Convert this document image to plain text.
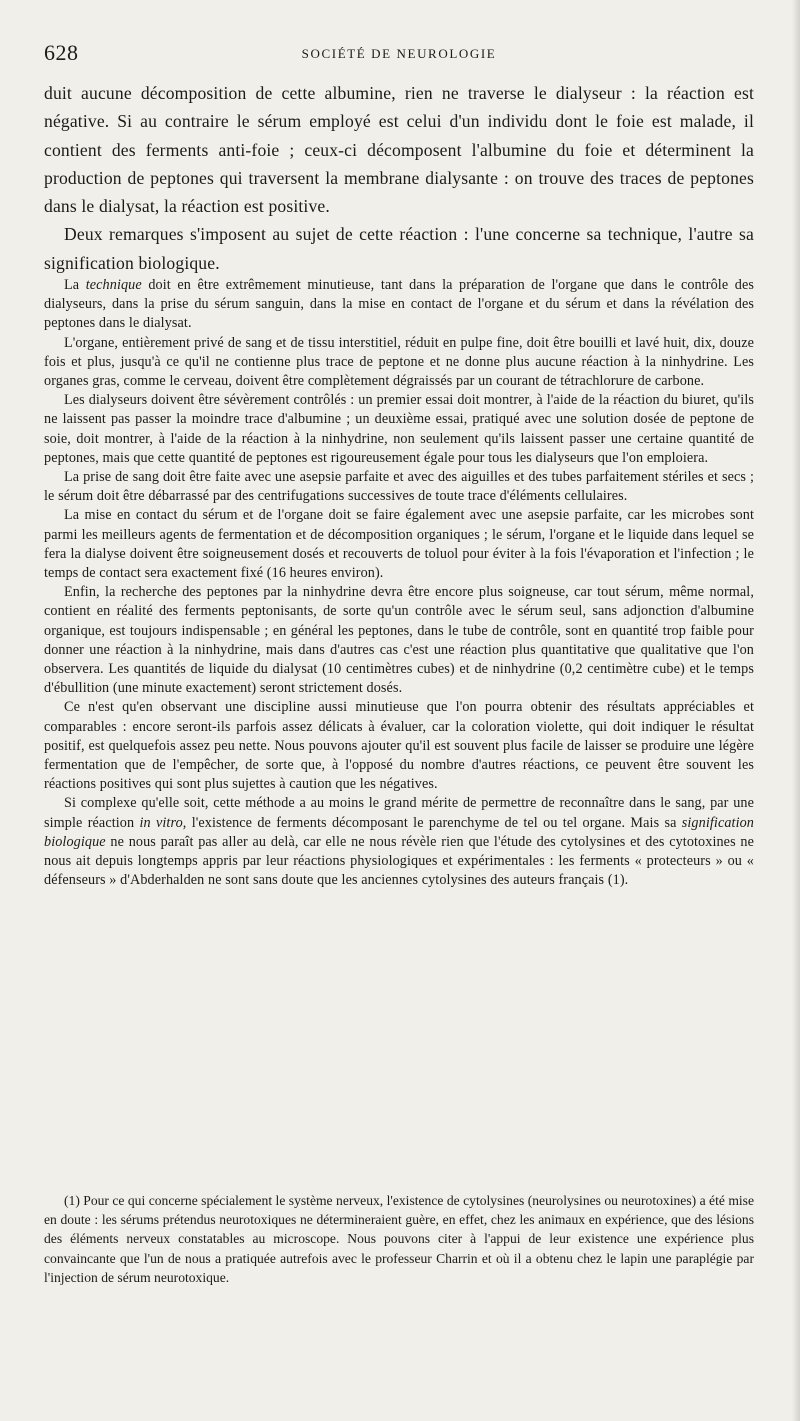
628	SOCIÉTÉ DE NEUROLOGIE

duit aucune décomposition de cette albumine, rien ne traverse le dialyseur : la réaction est négative. Si au contraire le sérum employé est celui d'un individu dont le foie est malade, il contient des ferments anti-foie ; ceux-ci décomposent l'albumine du foie et déterminent la production de peptones qui traversent la membrane dialysante : on trouve des traces de peptones dans le dialysat, la réaction est positive.

Deux remarques s'imposent au sujet de cette réaction : l'une concerne sa technique, l'autre sa signification biologique.

La technique doit en être extrêmement minutieuse, tant dans la préparation de l'organe que dans le contrôle des dialyseurs, dans la prise du sérum sanguin, dans la mise en contact de l'organe et du sérum et dans la révélation des peptones dans le dialysat.

L'organe, entièrement privé de sang et de tissu interstitiel, réduit en pulpe fine, doit être bouilli et lavé huit, dix, douze fois et plus, jusqu'à ce qu'il ne contienne plus trace de peptone et ne donne plus aucune réaction à la ninhydrine. Les organes gras, comme le cerveau, doivent être complètement dégraissés par un courant de tétrachlorure de carbone.

Les dialyseurs doivent être sévèrement contrôlés : un premier essai doit montrer, à l'aide de la réaction du biuret, qu'ils ne laissent pas passer la moindre trace d'albumine ; un deuxième essai, pratiqué avec une solution dosée de peptone de soie, doit montrer, à l'aide de la réaction à la ninhydrine, non seulement qu'ils laissent passer une certaine quantité de peptones, mais que cette quantité de peptones est rigoureusement égale pour tous les dialyseurs que l'on emploiera.

La prise de sang doit être faite avec une asepsie parfaite et avec des aiguilles et des tubes parfaitement stériles et secs ; le sérum doit être débarrassé par des centrifugations successives de toute trace d'éléments cellulaires.

La mise en contact du sérum et de l'organe doit se faire également avec une asepsie parfaite, car les microbes sont parmi les meilleurs agents de fermentation et de décomposition organiques ; le sérum, l'organe et le liquide dans lequel se fera la dialyse doivent être soigneusement dosés et recouverts de toluol pour éviter à la fois l'évaporation et l'infection ; le temps de contact sera exactement fixé (16 heures environ).

Enfin, la recherche des peptones par la ninhydrine devra être encore plus soigneuse, car tout sérum, même normal, contient en réalité des ferments peptonisants, de sorte qu'un contrôle avec le sérum seul, sans adjonction d'albumine organique, est toujours indispensable ; en général les peptones, dans le tube de contrôle, sont en quantité trop faible pour donner une réaction à la ninhydrine, mais dans d'autres cas c'est une réaction plus quantitative que qualitative que l'on observera. Les quantités de liquide du dialysat (10 centimètres cubes) et de ninhydrine (0,2 centimètre cube) et le temps d'ébullition (une minute exactement) seront strictement dosés.

Ce n'est qu'en observant une discipline aussi minutieuse que l'on pourra obtenir des résultats appréciables et comparables : encore seront-ils parfois assez délicats à évaluer, car la coloration violette, qui doit indiquer le résultat positif, est quelquefois assez peu nette. Nous pouvons ajouter qu'il est souvent plus facile de laisser se produire une légère fermentation que de l'empêcher, de sorte que, à l'opposé du nombre d'autres réactions, ce peuvent être souvent les réactions positives qui sont plus sujettes à caution que les négatives.

Si complexe qu'elle soit, cette méthode a au moins le grand mérite de permettre de reconnaître dans le sang, par une simple réaction in vitro, l'existence de ferments décomposant le parenchyme de tel ou tel organe. Mais sa signification biologique ne nous paraît pas aller au delà, car elle ne nous révèle rien que l'étude des cytolysines et des cytotoxines ne nous ait depuis longtemps appris par leur réactions physiologiques et expérimentales : les ferments « protecteurs » ou « défenseurs » d'Abderhalden ne sont sans doute que les anciennes cytolysines des auteurs français (1).

(1) Pour ce qui concerne spécialement le système nerveux, l'existence de cytolysines (neurolysines ou neurotoxines) a été mise en doute : les sérums prétendus neurotoxiques ne détermineraient guère, en effet, chez les animaux en expérience, que des lésions des éléments nerveux constatables au microscope. Nous pouvons citer à l'appui de leur existence une expérience plus convaincante que l'un de nous a pratiquée autrefois avec le professeur Charrin et où il a obtenu chez le lapin une paraplégie par l'injection de sérum neurotoxique.
